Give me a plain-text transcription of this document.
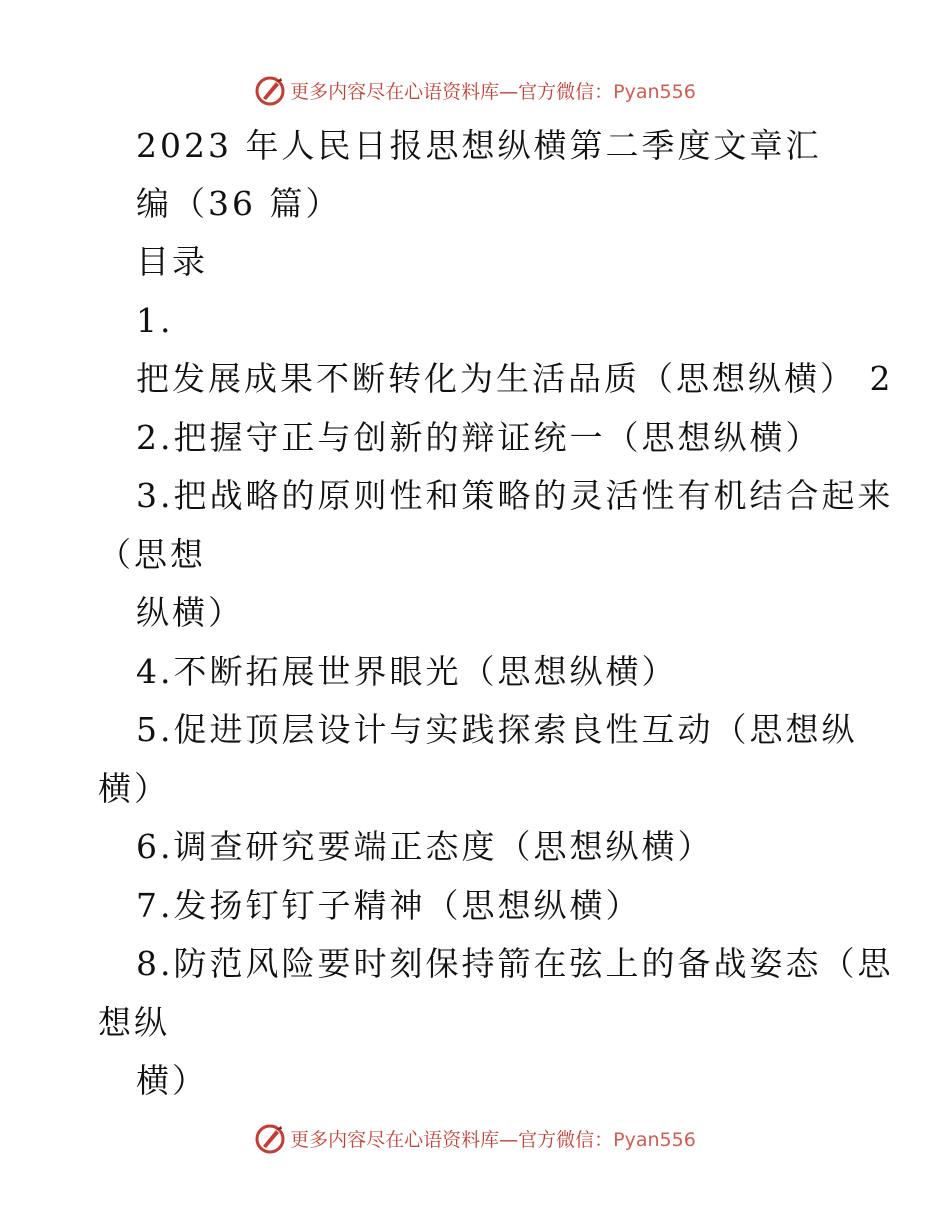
更多内容尽在心语资料库—官方微信：Pyan556
2023 年人民日报思想纵横第二季度文章汇
编（36 篇）
目录
1.
把发展成果不断转化为生活品质（思想纵横） 2
2.把握守正与创新的辩证统一（思想纵横）
3.把战略的原则性和策略的灵活性有机结合起来
（思想
纵横）
4.不断拓展世界眼光（思想纵横）
5.促进顶层设计与实践探索良性互动（思想纵
横）
6.调查研究要端正态度（思想纵横）
7.发扬钉钉子精神（思想纵横）
8.防范风险要时刻保持箭在弦上的备战姿态（思
想纵
横）
更多内容尽在心语资料库—官方微信：Pyan556
